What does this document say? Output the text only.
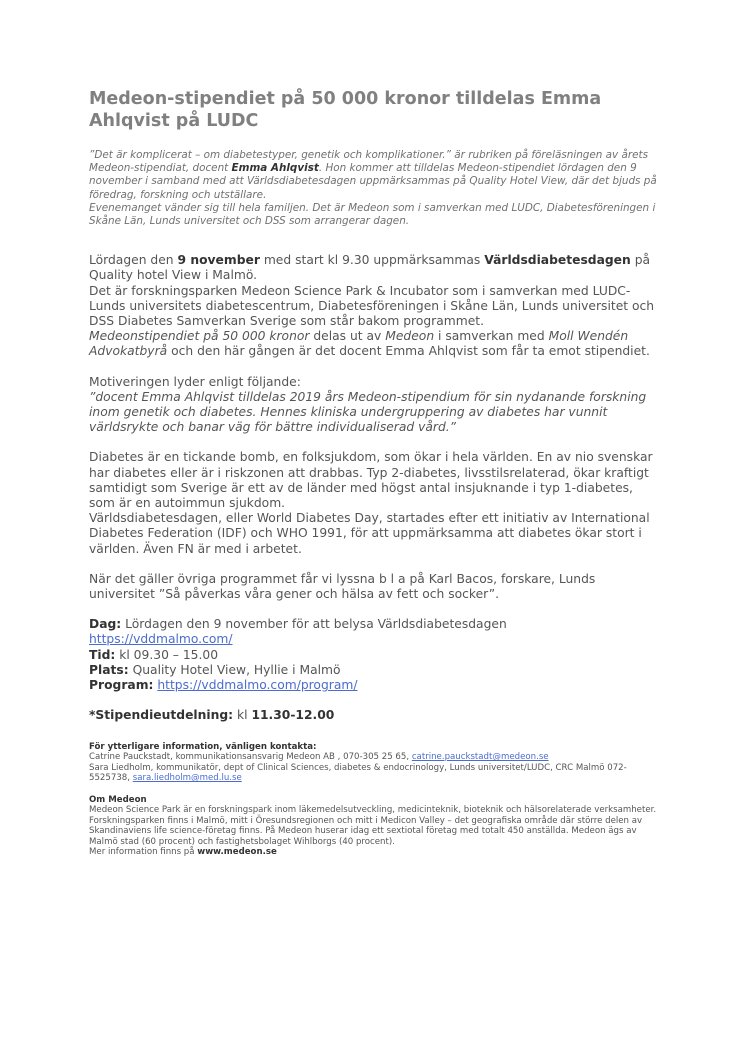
Medeon-stipendiet på 50 000 kronor tilldelas Emma Ahlqvist på LUDC

”Det är komplicerat – om diabetestyper, genetik och komplikationer.” är rubriken på föreläsningen av årets Medeon-stipendiat, docent Emma Ahlqvist. Hon kommer att tilldelas Medeon-stipendiet lördagen den 9 november i samband med att Världsdiabetesdagen uppmärksammas på Quality Hotel View, där det bjuds på föredrag, forskning och utställare.

Evenemanget vänder sig till hela familjen. Det är Medeon som i samverkan med LUDC, Diabetesföreningen i Skåne Län, Lunds universitet och DSS som arrangerar dagen.

Lördagen den 9 november med start kl 9.30 uppmärksammas Världsdiabetesdagen på Quality hotel View i Malmö.

Det är forskningsparken Medeon Science Park & Incubator som i samverkan med LUDC-Lunds universitets diabetescentrum, Diabetesföreningen i Skåne Län, Lunds universitet och DSS Diabetes Samverkan Sverige som står bakom programmet.

Medeonstipendiet på 50 000 kronor delas ut av Medeon i samverkan med Moll Wendén Advokatbyrå och den här gången är det docent Emma Ahlqvist som får ta emot stipendiet.

Motiveringen lyder enligt följande:

”docent Emma Ahlqvist tilldelas 2019 års Medeon-stipendium för sin nydanande forskning inom genetik och diabetes. Hennes kliniska undergruppering av diabetes har vunnit världsrykte och banar väg för bättre individualiserad vård.”

Diabetes är en tickande bomb, en folksjukdom, som ökar i hela världen. En av nio svenskar har diabetes eller är i riskzonen att drabbas. Typ 2-diabetes, livsstilsrelaterad, ökar kraftigt samtidigt som Sverige är ett av de länder med högst antal insjuknande i typ 1-diabetes, som är en autoimmun sjukdom.

Världsdiabetesdagen, eller World Diabetes Day, startades efter ett initiativ av International Diabetes Federation (IDF) och WHO 1991, för att uppmärksamma att diabetes ökar stort i världen. Även FN är med i arbetet.

När det gäller övriga programmet får vi lyssna b l a på Karl Bacos, forskare, Lunds universitet ”Så påverkas våra gener och hälsa av fett och socker”.

Dag: Lördagen den 9 november för att belysa Världsdiabetesdagen

https://vddmalmo.com/

Tid: kl 09.30 – 15.00

Plats: Quality Hotel View, Hyllie i Malmö

Program: https://vddmalmo.com/program/

*Stipendieutdelning: kl 11.30-12.00

För ytterligare information, vänligen kontakta:

Catrine Pauckstadt, kommunikationsansvarig Medeon AB , 070-305 25 65, catrine.pauckstadt@medeon.se

Sara Liedholm, kommunikatör, dept of Clinical Sciences, diabetes & endocrinology, Lunds universitet/LUDC, CRC Malmö 072-5525738, sara.liedholm@med.lu.se

Om Medeon

Medeon Science Park är en forskningspark inom läkemedelsutveckling, medicinteknik, bioteknik och hälsorelaterade verksamheter. Forskningsparken finns i Malmö, mitt i Öresundsregionen och mitt i Medicon Valley – det geografiska område där större delen av Skandinaviens life science-företag finns. På Medeon huserar idag ett sextiotal företag med totalt 450 anställda. Medeon ägs av Malmö stad (60 procent) och fastighetsbolaget Wihlborgs (40 procent).

Mer information finns på www.medeon.se
